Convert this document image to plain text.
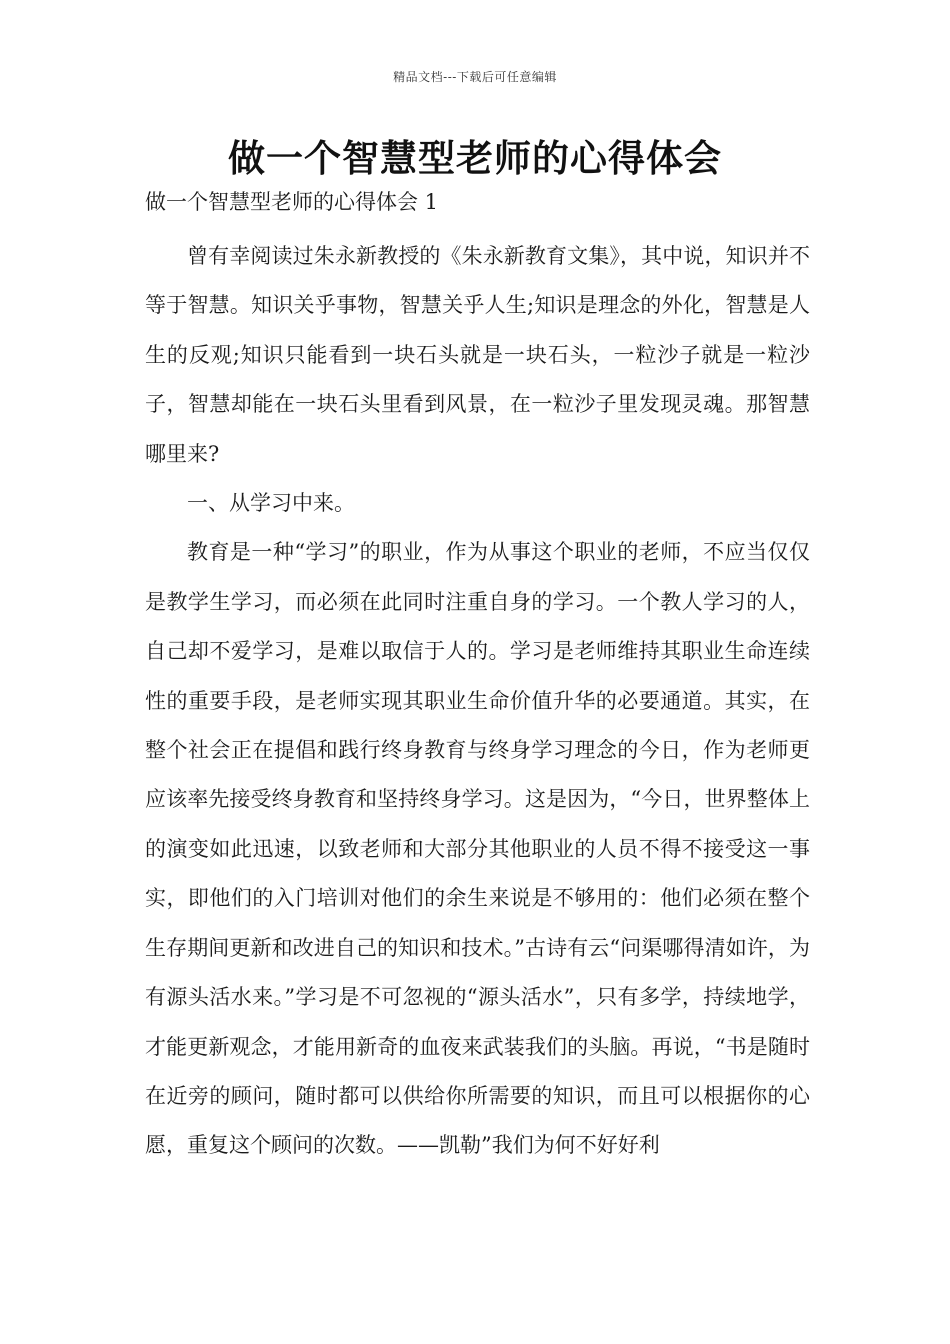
精品文档---下载后可任意编辑
做一个智慧型老师的心得体会
做一个智慧型老师的心得体会 1

曾有幸阅读过朱永新教授的《朱永新教育文集》，其中说，知识并不等于智慧。知识关乎事物，智慧关乎人生;知识是理念的外化，智慧是人生的反观;知识只能看到一块石头就是一块石头，一粒沙子就是一粒沙子，智慧却能在一块石头里看到风景，在一粒沙子里发现灵魂。那智慧哪里来?

一、从学习中来。

教育是一种“学习”的职业，作为从事这个职业的老师，不应当仅仅是教学生学习，而必须在此同时注重自身的学习。一个教人学习的人，自己却不爱学习，是难以取信于人的。学习是老师维持其职业生命连续性的重要手段，是老师实现其职业生命价值升华的必要通道。其实，在整个社会正在提倡和践行终身教育与终身学习理念的今日，作为老师更应该率先接受终身教育和坚持终身学习。这是因为，“今日，世界整体上的演变如此迅速，以致老师和大部分其他职业的人员不得不接受这一事实，即他们的入门培训对他们的余生来说是不够用的：他们必须在整个生存期间更新和改进自己的知识和技术。”古诗有云“问渠哪得清如许，为有源头活水来。”学习是不可忽视的“源头活水”，只有多学，持续地学，才能更新观念，才能用新奇的血夜来武装我们的头脑。再说，“书是随时在近旁的顾问，随时都可以供给你所需要的知识，而且可以根据你的心愿，重复这个顾问的次数。——凯勒”我们为何不好好利
